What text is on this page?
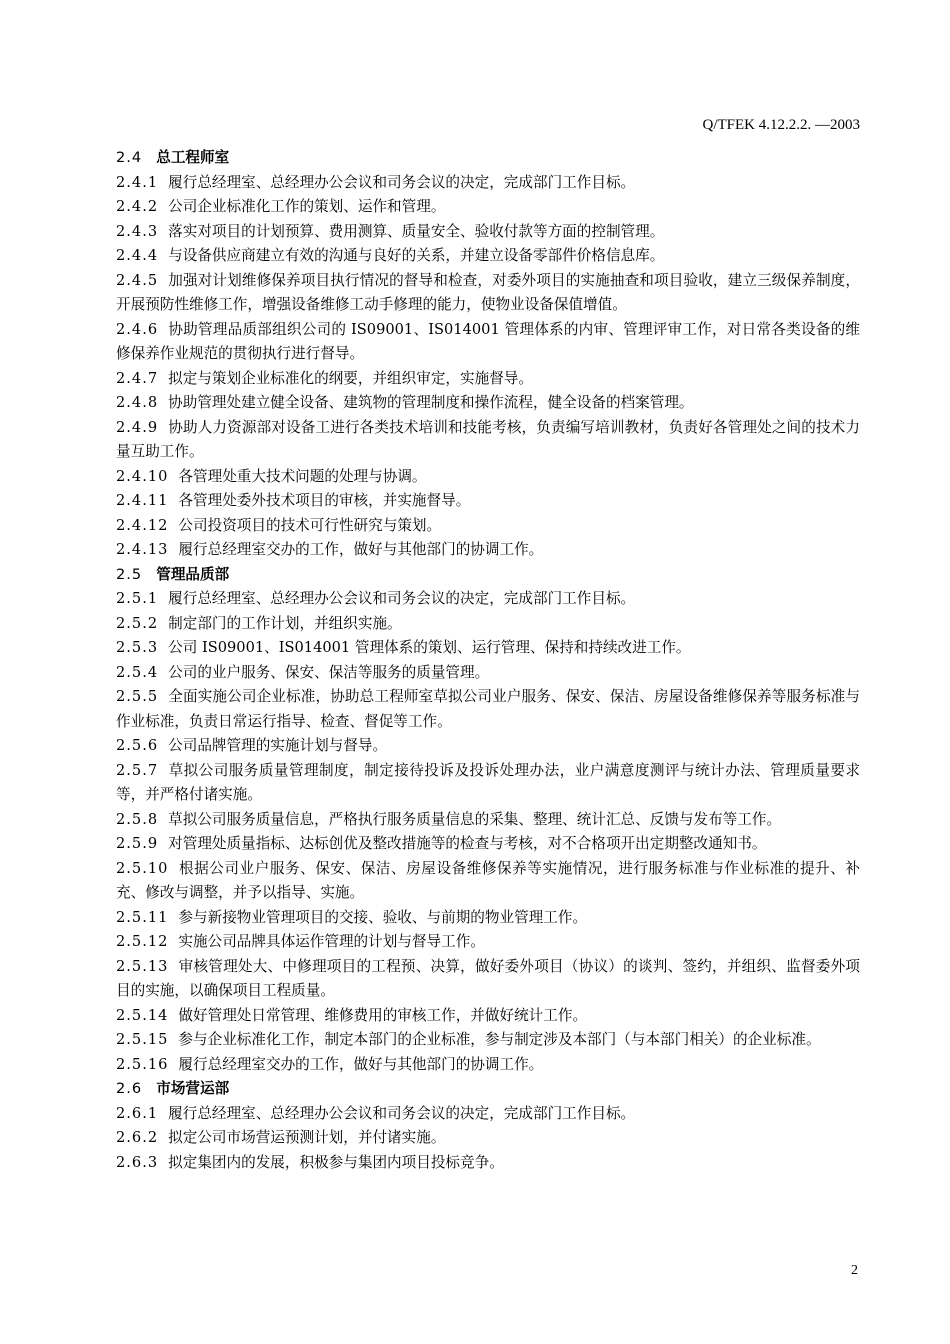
Q/TFEK 4.12.2.2. —2003

2.4 总工程师室

2.4.1 履行总经理室、总经理办公会议和司务会议的决定，完成部门工作目标。

2.4.2 公司企业标准化工作的策划、运作和管理。

2.4.3 落实对项目的计划预算、费用测算、质量安全、验收付款等方面的控制管理。

2.4.4 与设备供应商建立有效的沟通与良好的关系，并建立设备零部件价格信息库。

2.4.5 加强对计划维修保养项目执行情况的督导和检查，对委外项目的实施抽查和项目验收，建立三级保养制度，开展预防性维修工作，增强设备维修工动手修理的能力，使物业设备保值增值。

2.4.6 协助管理品质部组织公司的 IS09001、IS014001 管理体系的内审、管理评审工作，对日常各类设备的维修保养作业规范的贯彻执行进行督导。

2.4.7 拟定与策划企业标准化的纲要，并组织审定，实施督导。

2.4.8 协助管理处建立健全设备、建筑物的管理制度和操作流程，健全设备的档案管理。

2.4.9 协助人力资源部对设备工进行各类技术培训和技能考核，负责编写培训教材，负责好各管理处之间的技术力量互助工作。

2.4.10 各管理处重大技术问题的处理与协调。

2.4.11 各管理处委外技术项目的审核，并实施督导。

2.4.12 公司投资项目的技术可行性研究与策划。

2.4.13 履行总经理室交办的工作，做好与其他部门的协调工作。

2.5 管理品质部

2.5.1 履行总经理室、总经理办公会议和司务会议的决定，完成部门工作目标。

2.5.2 制定部门的工作计划，并组织实施。

2.5.3 公司 IS09001、IS014001 管理体系的策划、运行管理、保持和持续改进工作。

2.5.4 公司的业户服务、保安、保洁等服务的质量管理。

2.5.5 全面实施公司企业标准，协助总工程师室草拟公司业户服务、保安、保洁、房屋设备维修保养等服务标准与作业标准，负责日常运行指导、检查、督促等工作。

2.5.6 公司品牌管理的实施计划与督导。

2.5.7 草拟公司服务质量管理制度，制定接待投诉及投诉处理办法，业户满意度测评与统计办法、管理质量要求等，并严格付诸实施。

2.5.8 草拟公司服务质量信息，严格执行服务质量信息的采集、整理、统计汇总、反馈与发布等工作。

2.5.9 对管理处质量指标、达标创优及整改措施等的检查与考核，对不合格项开出定期整改通知书。

2.5.10 根据公司业户服务、保安、保洁、房屋设备维修保养等实施情况，进行服务标准与作业标准的提升、补充、修改与调整，并予以指导、实施。

2.5.11 参与新接物业管理项目的交接、验收、与前期的物业管理工作。

2.5.12 实施公司品牌具体运作管理的计划与督导工作。

2.5.13 审核管理处大、中修理项目的工程预、决算，做好委外项目（协议）的谈判、签约，并组织、监督委外项目的实施，以确保项目工程质量。

2.5.14 做好管理处日常管理、维修费用的审核工作，并做好统计工作。

2.5.15 参与企业标准化工作，制定本部门的企业标准，参与制定涉及本部门（与本部门相关）的企业标准。

2.5.16 履行总经理室交办的工作，做好与其他部门的协调工作。

2.6 市场营运部

2.6.1 履行总经理室、总经理办公会议和司务会议的决定，完成部门工作目标。

2.6.2 拟定公司市场营运预测计划，并付诸实施。

2.6.3 拟定集团内的发展，积极参与集团内项目投标竞争。

2
